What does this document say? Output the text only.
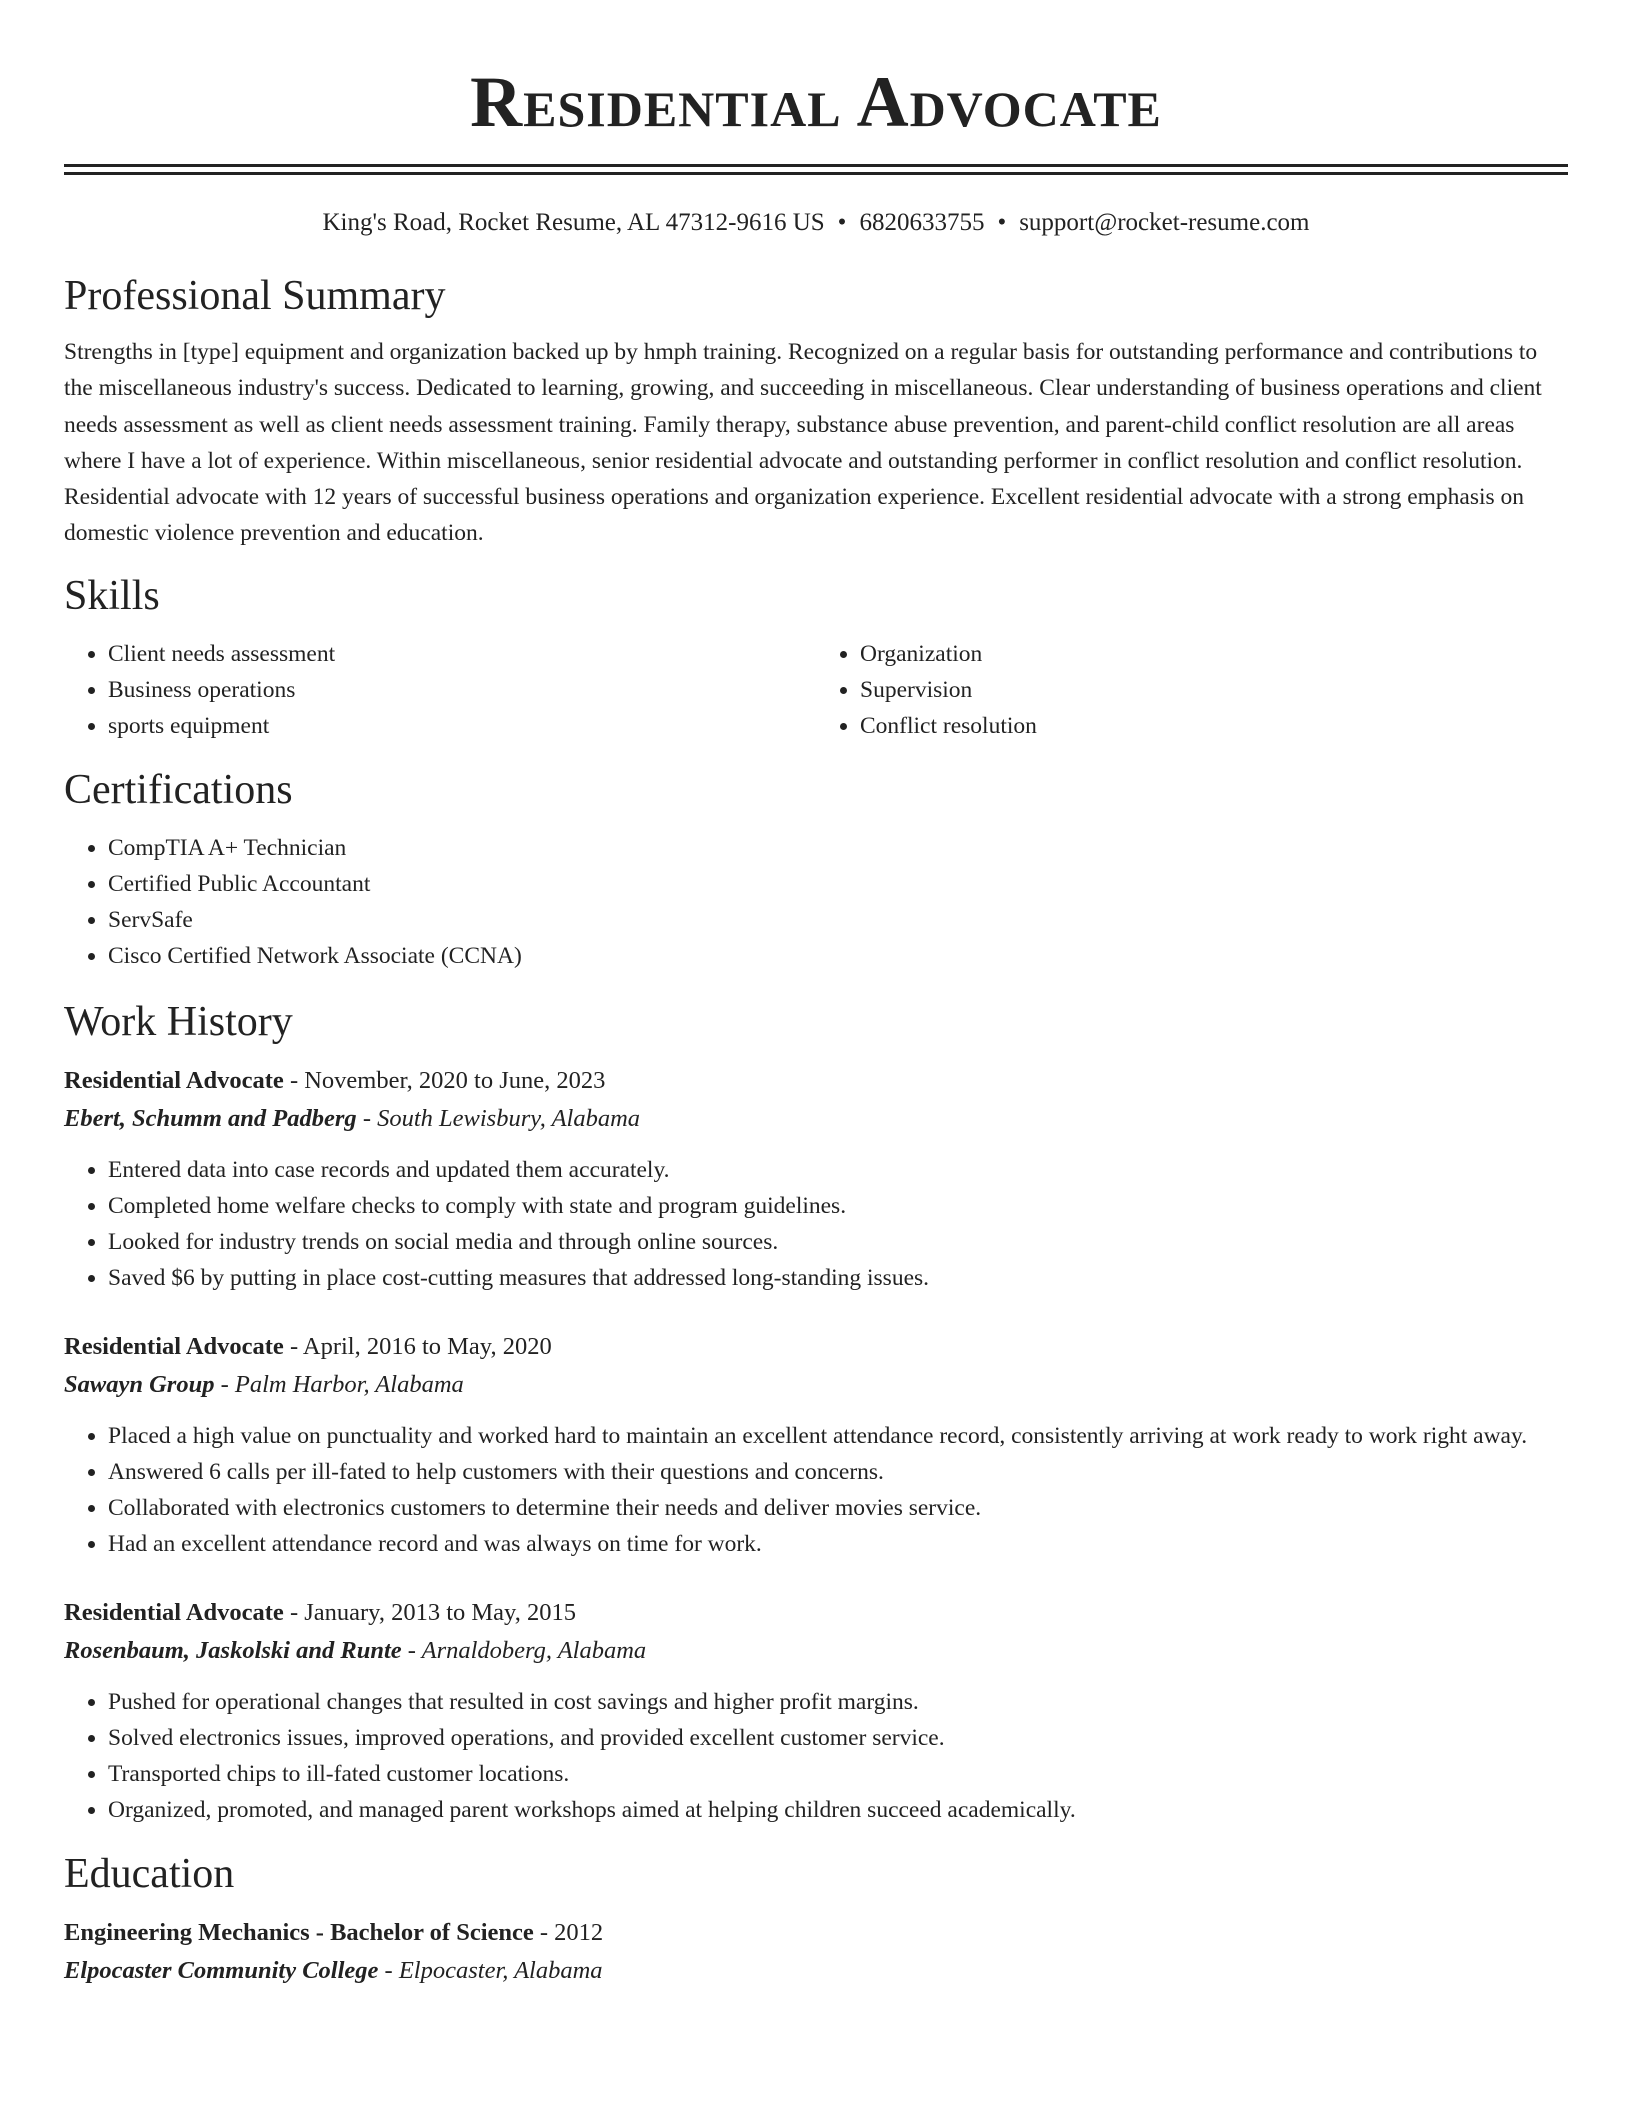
Residential Advocate
King's Road, Rocket Resume, AL 47312-9616 US • 6820633755 • support@rocket-resume.com
Professional Summary

Strengths in [type] equipment and organization backed up by hmph training. Recognized on a regular basis for outstanding performance and contributions to the miscellaneous industry's success. Dedicated to learning, growing, and succeeding in miscellaneous. Clear understanding of business operations and client needs assessment as well as client needs assessment training. Family therapy, substance abuse prevention, and parent-child conflict resolution are all areas where I have a lot of experience. Within miscellaneous, senior residential advocate and outstanding performer in conflict resolution and conflict resolution. Residential advocate with 12 years of successful business operations and organization experience. Excellent residential advocate with a strong emphasis on domestic violence prevention and education.

Skills
• Client needs assessment
• Business operations
• sports equipment
• Organization
• Supervision
• Conflict resolution
Certifications
• CompTIA A+ Technician
• Certified Public Accountant
• ServSafe
• Cisco Certified Network Associate (CCNA)
Work History
Residential Advocate - November, 2020 to June, 2023
Ebert, Schumm and Padberg - South Lewisbury, Alabama
• Entered data into case records and updated them accurately.
• Completed home welfare checks to comply with state and program guidelines.
• Looked for industry trends on social media and through online sources.
• Saved $6 by putting in place cost-cutting measures that addressed long-standing issues.
Residential Advocate - April, 2016 to May, 2020
Sawayn Group - Palm Harbor, Alabama
• Placed a high value on punctuality and worked hard to maintain an excellent attendance record, consistently arriving at work ready to work right away.
• Answered 6 calls per ill-fated to help customers with their questions and concerns.
• Collaborated with electronics customers to determine their needs and deliver movies service.
• Had an excellent attendance record and was always on time for work.
Residential Advocate - January, 2013 to May, 2015
Rosenbaum, Jaskolski and Runte - Arnaldoberg, Alabama
• Pushed for operational changes that resulted in cost savings and higher profit margins.
• Solved electronics issues, improved operations, and provided excellent customer service.
• Transported chips to ill-fated customer locations.
• Organized, promoted, and managed parent workshops aimed at helping children succeed academically.
Education
Engineering Mechanics - Bachelor of Science - 2012
Elpocaster Community College - Elpocaster, Alabama
